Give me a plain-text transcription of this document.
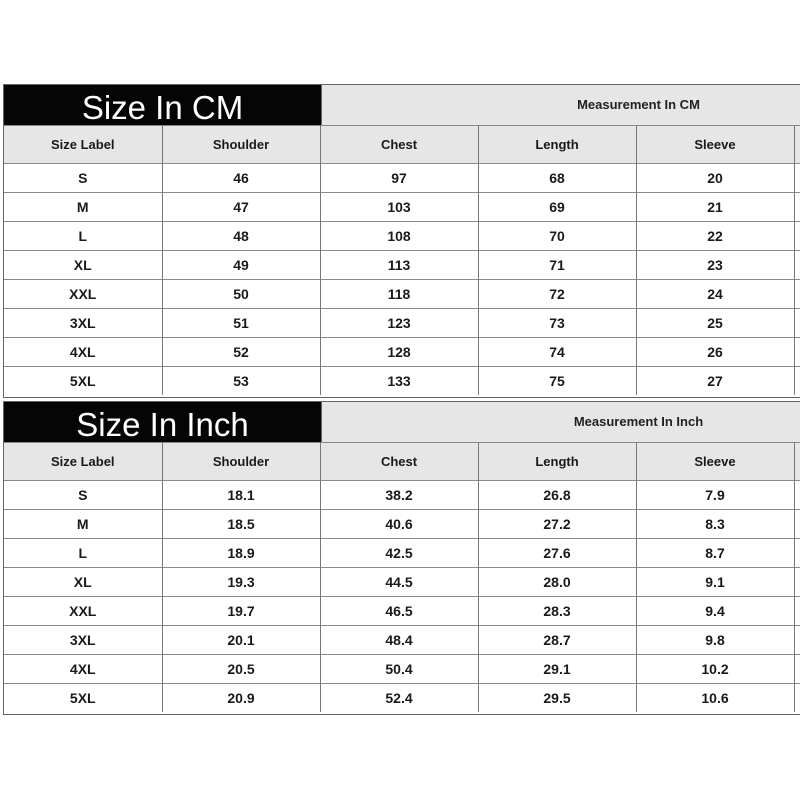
Size In CM	Measurement In CM
Size Label	Shoulder	Chest	Length	Sleeve	
S	46	97	68	20	
M	47	103	69	21	
L	48	108	70	22	
XL	49	113	71	23	
XXL	50	118	72	24	
3XL	51	123	73	25	
4XL	52	128	74	26	
5XL	53	133	75	27	
Size In Inch	Measurement In Inch
Size Label	Shoulder	Chest	Length	Sleeve	
S	18.1	38.2	26.8	7.9	
M	18.5	40.6	27.2	8.3	
L	18.9	42.5	27.6	8.7	
XL	19.3	44.5	28.0	9.1	
XXL	19.7	46.5	28.3	9.4	
3XL	20.1	48.4	28.7	9.8	
4XL	20.5	50.4	29.1	10.2	
5XL	20.9	52.4	29.5	10.6	
